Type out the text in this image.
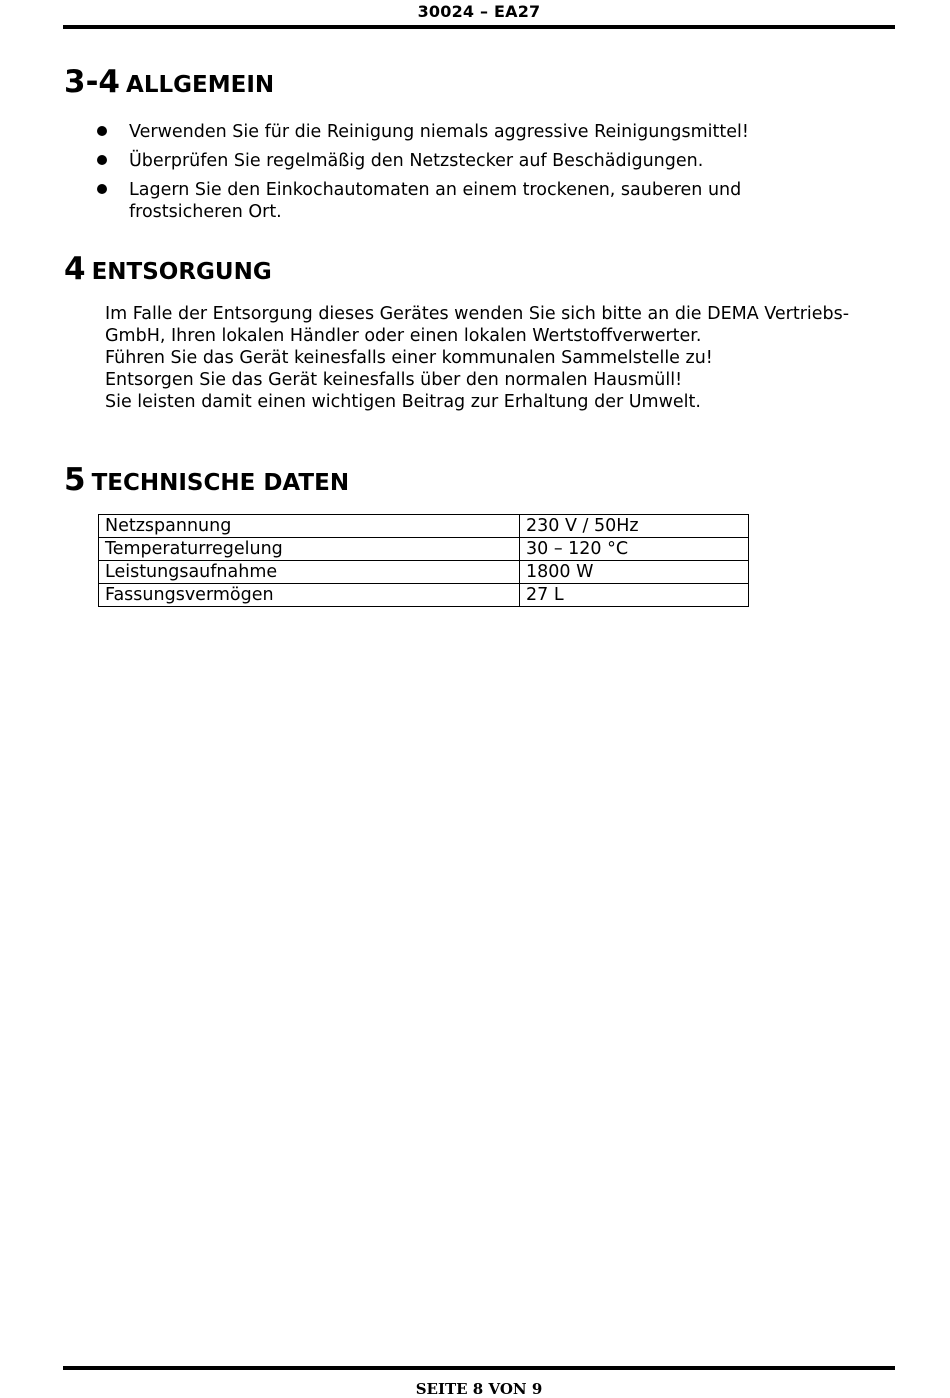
30024 – EA27
3-4 ALLGEMEIN
Verwenden Sie für die Reinigung niemals aggressive Reinigungsmittel!
Überprüfen Sie regelmäßig den Netzstecker auf Beschädigungen.
Lagern Sie den Einkochautomaten an einem trockenen, sauberen und frostsicheren Ort.
4 ENTSORGUNG

Im Falle der Entsorgung dieses Gerätes wenden Sie sich bitte an die DEMA Vertriebs-GmbH, Ihren lokalen Händler oder einen lokalen Wertstoffverwerter.

Führen Sie das Gerät keinesfalls einer kommunalen Sammelstelle zu!

Entsorgen Sie das Gerät keinesfalls über den normalen Hausmüll!

Sie leisten damit einen wichtigen Beitrag zur Erhaltung der Umwelt.

5 TECHNISCHE DATEN
Netzspannung	230 V / 50Hz
Temperaturregelung	30 – 120 °C
Leistungsaufnahme	1800 W
Fassungsvermögen	27 L
SEITE 8 VON 9
